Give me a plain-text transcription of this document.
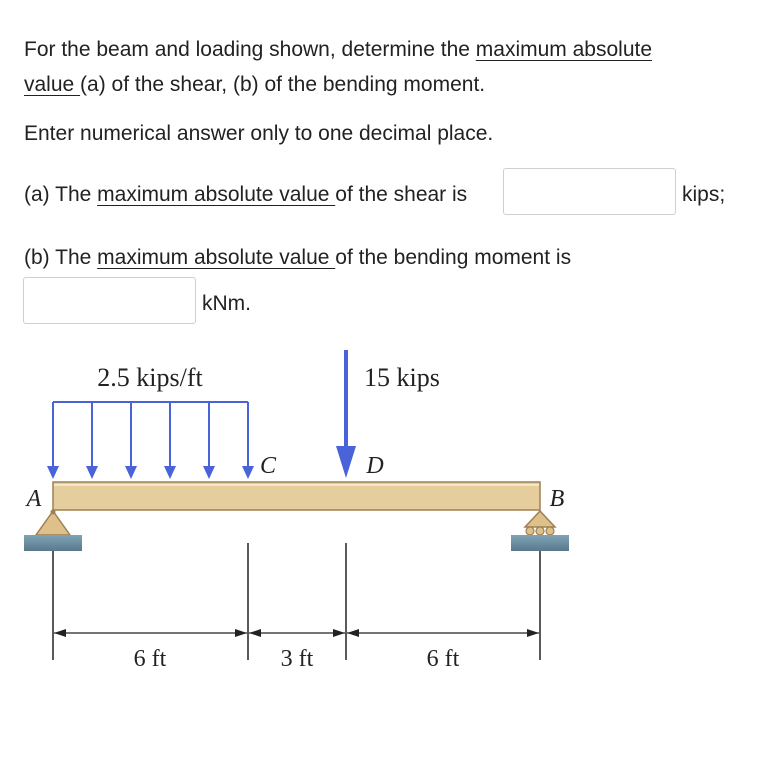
For the beam and loading shown, determine the maximum absolute

value (a) of the shear, (b) of the bending moment.

Enter numerical answer only to one decimal place.

(a) The maximum absolute value of the shear is	kips;

(b) The maximum absolute value of the bending moment is

kNm.

2.5 kips/ft	15 kips
C	D
A	B
6 ft	3 ft	6 ft
